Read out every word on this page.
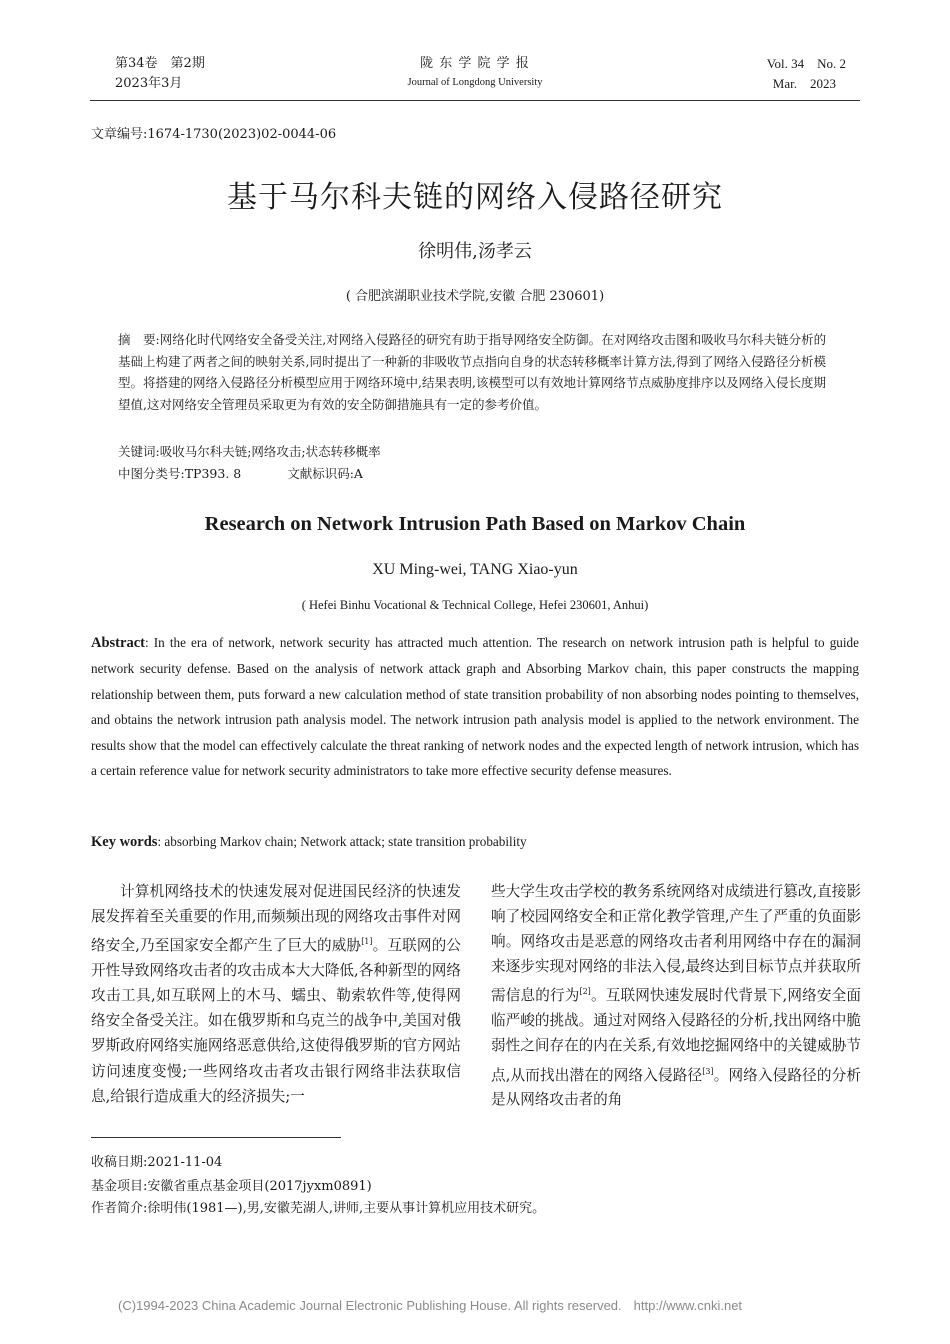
第34卷　第2期
2023年3月
陇 东 学 院 学 报
Journal of Longdong University
Vol. 34　No. 2
Mar.　2023
文章编号:1674-1730(2023)02-0044-06
基于马尔科夫链的网络入侵路径研究
徐明伟,汤孝云
( 合肥滨湖职业技术学院,安徽 合肥 230601)

摘　要:网络化时代网络安全备受关注,对网络入侵路径的研究有助于指导网络安全防御。在对网络攻击图和吸收马尔科夫链分析的基础上构建了两者之间的映射关系,同时提出了一种新的非吸收节点指向自身的状态转移概率计算方法,得到了网络入侵路径分析模型。将搭建的网络入侵路径分析模型应用于网络环境中,结果表明,该模型可以有效地计算网络节点威胁度排序以及网络入侵长度期望值,这对网络安全管理员采取更为有效的安全防御措施具有一定的参考价值。

关键词:吸收马尔科夫链;网络攻击;状态转移概率
中图分类号:TP393. 8	文献标识码:A
Research on Network Intrusion Path Based on Markov Chain
XU Ming-wei, TANG Xiao-yun
( Hefei Binhu Vocational & Technical College, Hefei 230601, Anhui)
Abstract: In the era of network, network security has attracted much attention. The research on network intrusion path is helpful to guide network security defense. Based on the analysis of network attack graph and Absorbing Markov chain, this paper constructs the mapping relationship between them, puts forward a new calculation method of state transition probability of non absorbing nodes pointing to themselves, and obtains the network intrusion path analysis model. The network intrusion path analysis model is applied to the network environment. The results show that the model can effectively calculate the threat ranking of network nodes and the expected length of network intrusion, which has a certain reference value for network security administrators to take more effective security defense measures.
Key words: absorbing Markov chain; Network attack; state transition probability
计算机网络技术的快速发展对促进国民经济的快速发展发挥着至关重要的作用,而频频出现的网络攻击事件对网络安全,乃至国家安全都产生了巨大的威胁[1]。互联网的公开性导致网络攻击者的攻击成本大大降低,各种新型的网络攻击工具,如互联网上的木马、蠕虫、勒索软件等,使得网络安全备受关注。如在俄罗斯和乌克兰的战争中,美国对俄罗斯政府网络实施网络恶意供给,这使得俄罗斯的官方网站访问速度变慢;一些网络攻击者攻击银行网络非法获取信息,给银行造成重大的经济损失;一
些大学生攻击学校的教务系统网络对成绩进行篡改,直接影响了校园网络安全和正常化教学管理,产生了严重的负面影响。网络攻击是恶意的网络攻击者利用网络中存在的漏洞来逐步实现对网络的非法入侵,最终达到目标节点并获取所需信息的行为[2]。互联网快速发展时代背景下,网络安全面临严峻的挑战。通过对网络入侵路径的分析,找出网络中脆弱性之间存在的内在关系,有效地挖掘网络中的关键威胁节点,从而找出潜在的网络入侵路径[3]。网络入侵路径的分析是从网络攻击者的角
收稿日期:2021-11-04
基金项目:安徽省重点基金项目(2017jyxm0891)
作者简介:徐明伟(1981—),男,安徽芜湖人,讲师,主要从事计算机应用技术研究。
(C)1994-2023 China Academic Journal Electronic Publishing House. All rights reserved. http://www.cnki.net
